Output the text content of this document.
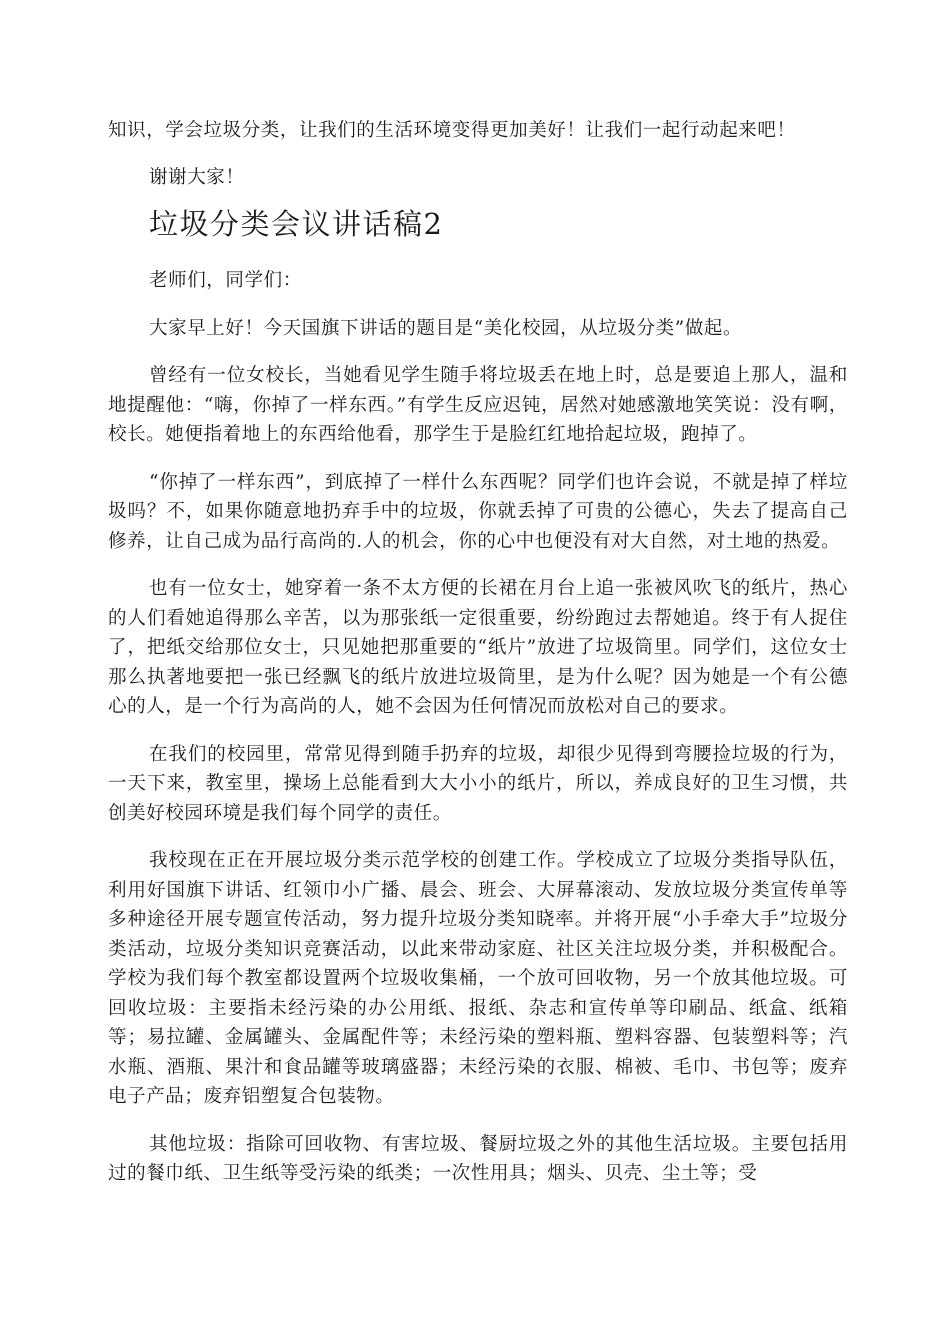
知识，学会垃圾分类，让我们的生活环境变得更加美好！让我们一起行动起来吧！

谢谢大家！

垃圾分类会议讲话稿2

老师们，同学们：

大家早上好！今天国旗下讲话的题目是“美化校园，从垃圾分类”做起。

曾经有一位女校长，当她看见学生随手将垃圾丢在地上时，总是要追上那人，温和地提醒他：“嗨，你掉了一样东西。”有学生反应迟钝，居然对她感激地笑笑说：没有啊，校长。她便指着地上的东西给他看，那学生于是脸红红地拾起垃圾，跑掉了。

“你掉了一样东西”，到底掉了一样什么东西呢？同学们也许会说，不就是掉了样垃圾吗？不，如果你随意地扔弃手中的垃圾，你就丢掉了可贵的公德心，失去了提高自己修养，让自己成为品行高尚的.人的机会，你的心中也便没有对大自然，对土地的热爱。

也有一位女士，她穿着一条不太方便的长裙在月台上追一张被风吹飞的纸片，热心的人们看她追得那么辛苦，以为那张纸一定很重要，纷纷跑过去帮她追。终于有人捉住了，把纸交给那位女士，只见她把那重要的“纸片”放进了垃圾筒里。同学们，这位女士那么执著地要把一张已经飘飞的纸片放进垃圾筒里，是为什么呢？因为她是一个有公德心的人，是一个行为高尚的人，她不会因为任何情况而放松对自己的要求。

在我们的校园里，常常见得到随手扔弃的垃圾，却很少见得到弯腰捡垃圾的行为，一天下来，教室里，操场上总能看到大大小小的纸片，所以，养成良好的卫生习惯，共创美好校园环境是我们每个同学的责任。

我校现在正在开展垃圾分类示范学校的创建工作。学校成立了垃圾分类指导队伍，利用好国旗下讲话、红领巾小广播、晨会、班会、大屏幕滚动、发放垃圾分类宣传单等多种途径开展专题宣传活动，努力提升垃圾分类知晓率。并将开展“小手牵大手”垃圾分类活动，垃圾分类知识竞赛活动，以此来带动家庭、社区关注垃圾分类，并积极配合。学校为我们每个教室都设置两个垃圾收集桶，一个放可回收物，另一个放其他垃圾。可回收垃圾：主要指未经污染的办公用纸、报纸、杂志和宣传单等印刷品、纸盒、纸箱等；易拉罐、金属罐头、金属配件等；未经污染的塑料瓶、塑料容器、包装塑料等；汽水瓶、酒瓶、果汁和食品罐等玻璃盛器；未经污染的衣服、棉被、毛巾、书包等；废弃电子产品；废弃铝塑复合包装物。

其他垃圾：指除可回收物、有害垃圾、餐厨垃圾之外的其他生活垃圾。主要包括用过的餐巾纸、卫生纸等受污染的纸类；一次性用具；烟头、贝壳、尘土等；受
